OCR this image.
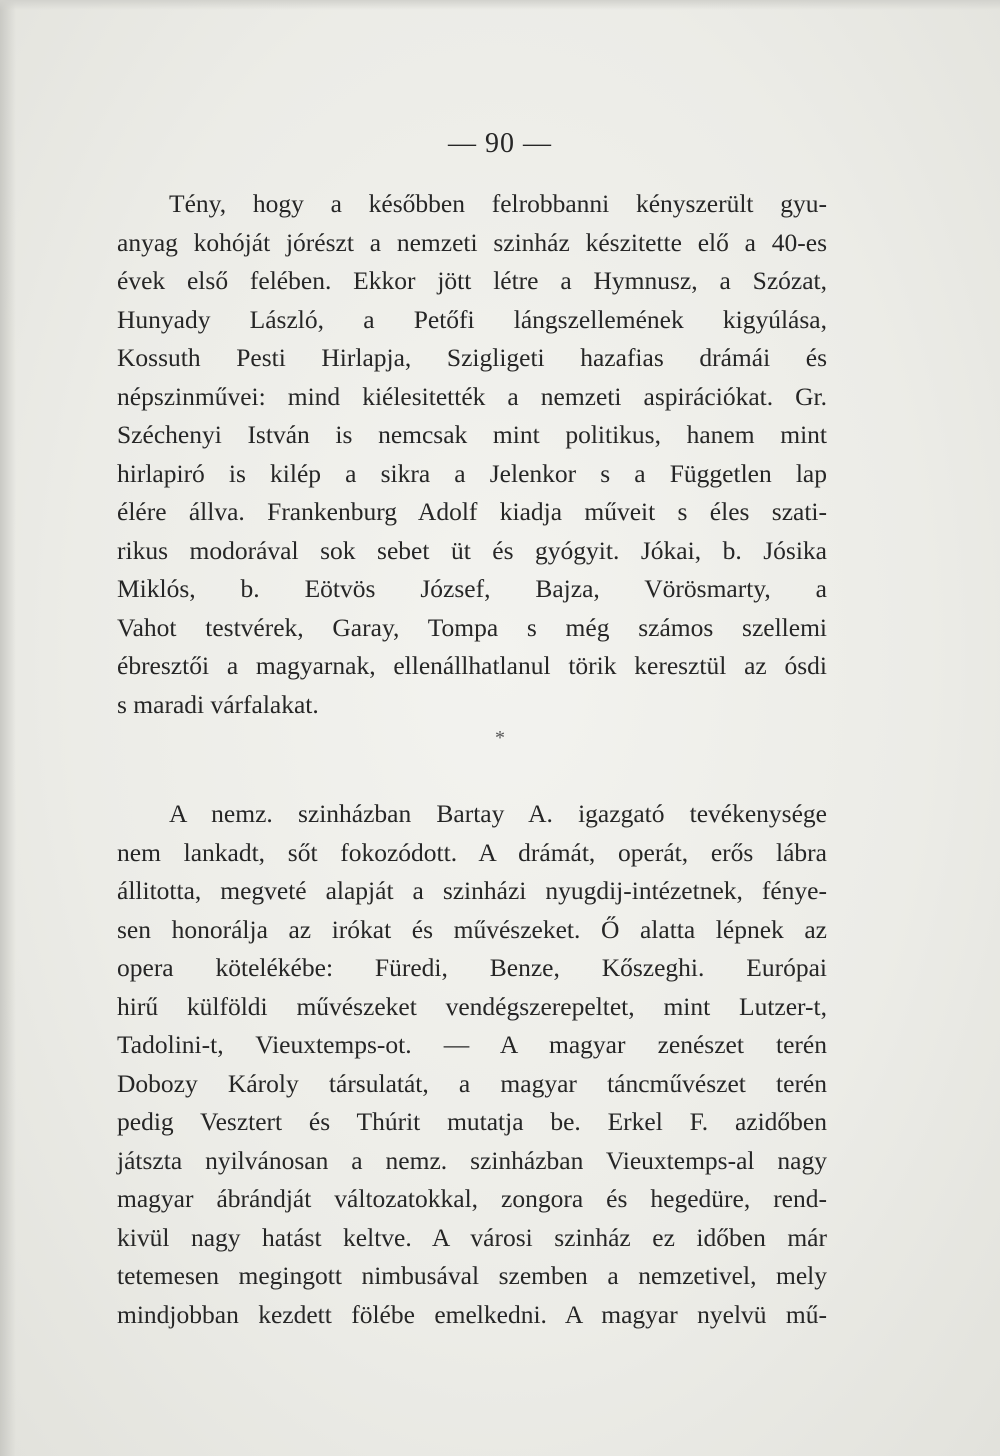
— 90 —
Tény, hogy a későbben felrobbanni kényszerült gyu-
anyag kohóját jórészt a nemzeti szinház készitette elő a 40-es
évek első felében. Ekkor jött létre a Hymnusz, a Szózat,
Hunyady László, a Petőfi lángszellemének kigyúlása,
Kossuth Pesti Hirlapja, Szigligeti hazafias drámái és
népszinművei: mind kiélesitették a nemzeti aspirációkat. Gr.
Széchenyi István is nemcsak mint politikus, hanem mint
hirlapiró is kilép a sikra a Jelenkor s a Független lap
élére állva. Frankenburg Adolf kiadja műveit s éles szati-
rikus modorával sok sebet üt és gyógyit. Jókai, b. Jósika
Miklós, b. Eötvös József, Bajza, Vörösmarty, a
Vahot testvérek, Garay, Tompa s még számos szellemi
ébresztői a magyarnak, ellenállhatlanul törik keresztül az ósdi
s maradi várfalakat.
*
A nemz. szinházban Bartay A. igazgató tevékenysége
nem lankadt, sőt fokozódott. A drámát, operát, erős lábra
állitotta, megveté alapját a szinházi nyugdij-intézetnek, fénye-
sen honorálja az irókat és művészeket. Ő alatta lépnek az
opera kötelékébe: Füredi, Benze, Kőszeghi. Európai
hirű külföldi művészeket vendégszerepeltet, mint Lutzer-t,
Tadolini-t, Vieuxtemps-ot. — A magyar zenészet terén
Dobozy Károly társulatát, a magyar táncművészet terén
pedig Vesztert és Thúrit mutatja be. Erkel F. azidőben
játszta nyilvánosan a nemz. szinházban Vieuxtemps-al nagy
magyar ábrándját változatokkal, zongora és hegedüre, rend-
kivül nagy hatást keltve. A városi szinház ez időben már
tetemesen megingott nimbusával szemben a nemzetivel, mely
mindjobban kezdett fölébe emelkedni. A magyar nyelvü mű-
